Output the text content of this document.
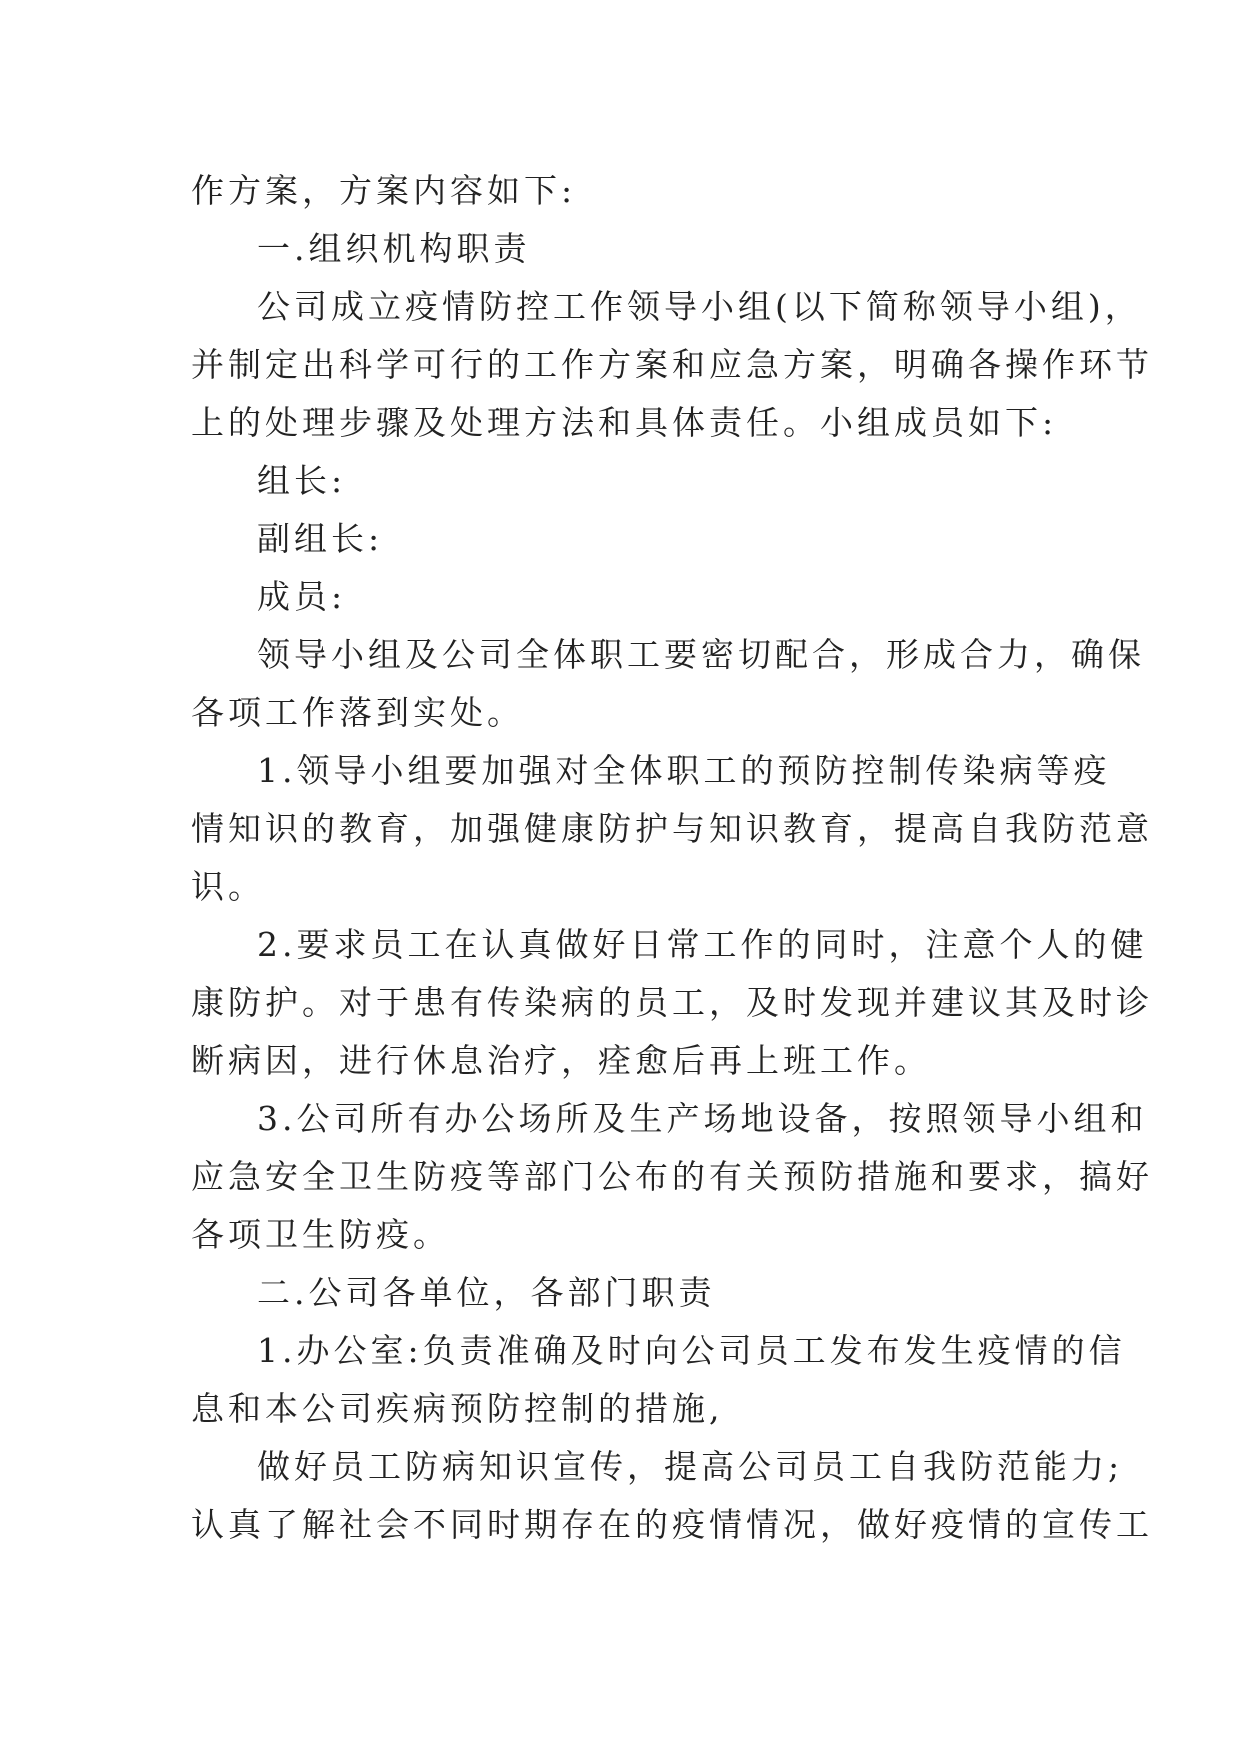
作方案，方案内容如下:

一.组织机构职责

公司成立疫情防控工作领导小组(以下简称领导小组)，

并制定出科学可行的工作方案和应急方案，明确各操作环节

上的处理步骤及处理方法和具体责任。小组成员如下:

组长:

副组长:

成员:

领导小组及公司全体职工要密切配合，形成合力，确保

各项工作落到实处。

1.领导小组要加强对全体职工的预防控制传染病等疫

情知识的教育，加强健康防护与知识教育，提高自我防范意

识。

2.要求员工在认真做好日常工作的同时，注意个人的健

康防护。对于患有传染病的员工，及时发现并建议其及时诊

断病因，进行休息治疗，痊愈后再上班工作。

3.公司所有办公场所及生产场地设备，按照领导小组和

应急安全卫生防疫等部门公布的有关预防措施和要求，搞好

各项卫生防疫。

二.公司各单位，各部门职责

1.办公室:负责准确及时向公司员工发布发生疫情的信

息和本公司疾病预防控制的措施,

做好员工防病知识宣传，提高公司员工自我防范能力;

认真了解社会不同时期存在的疫情情况，做好疫情的宣传工
